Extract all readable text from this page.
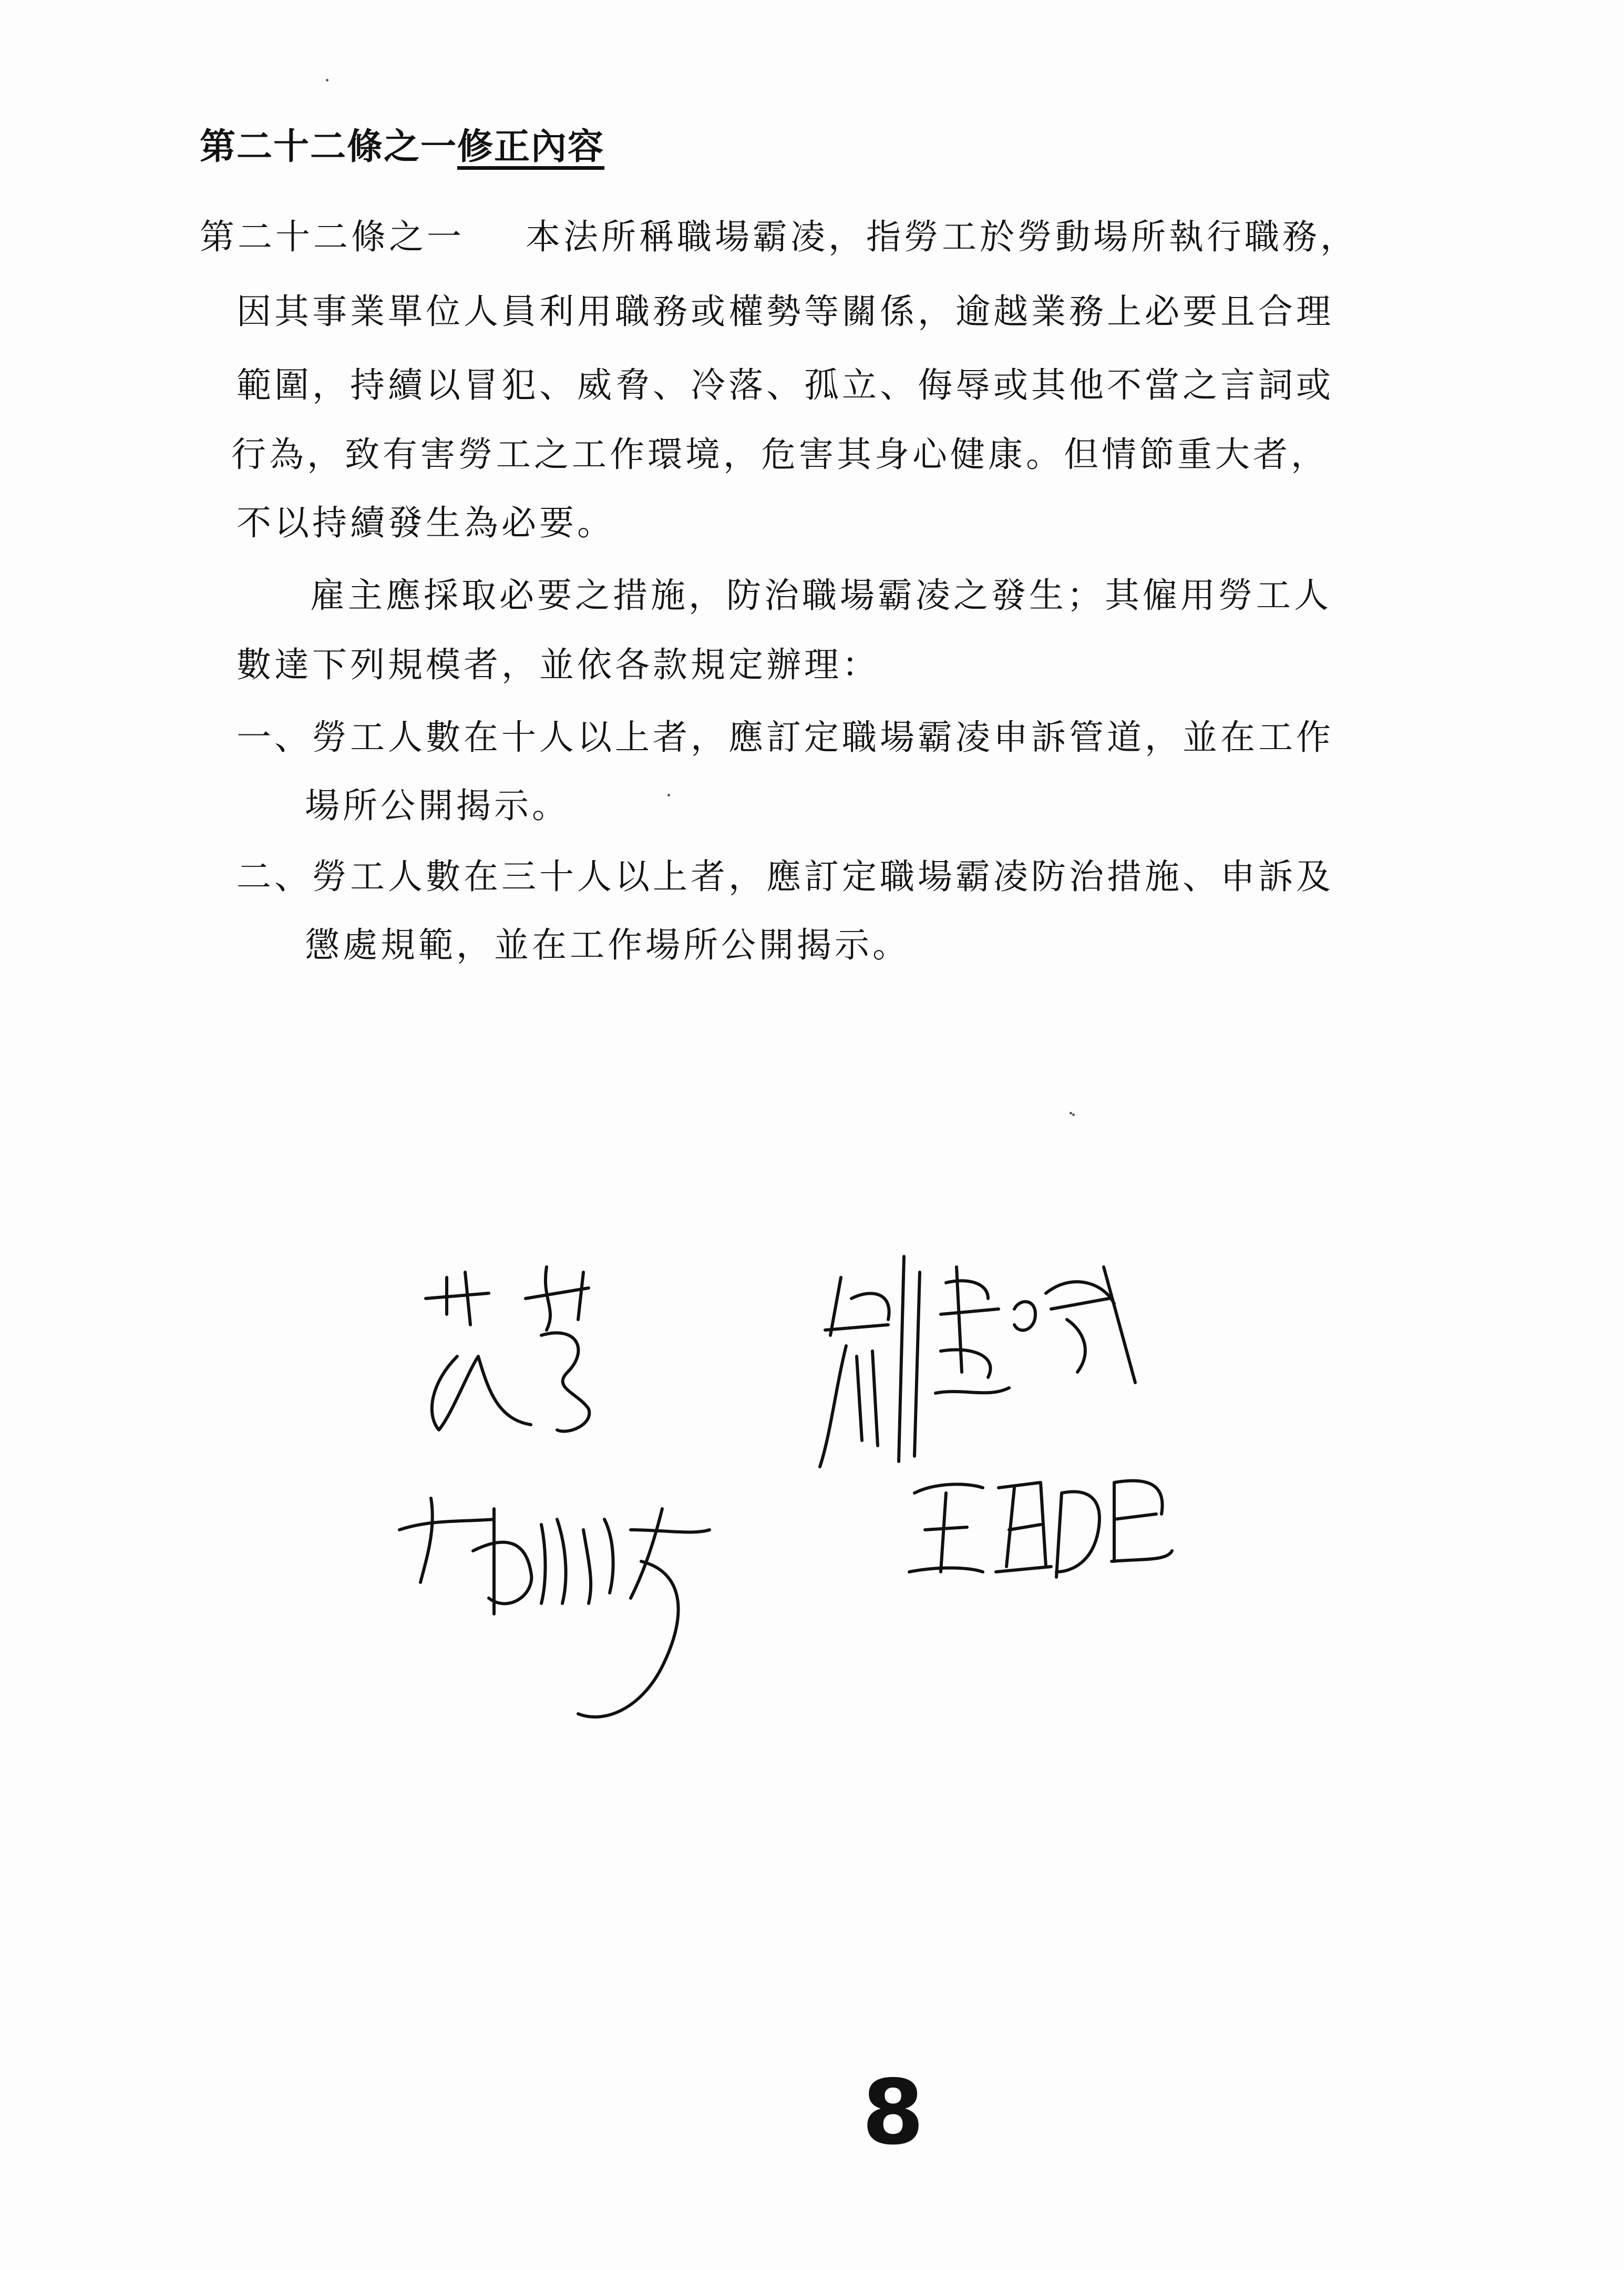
第二十二條之一修正內容
第二十二條之一 本法所稱職場霸凌，指勞工於勞動場所執行職務，
因其事業單位人員利用職務或權勢等關係，逾越業務上必要且合理
範圍，持續以冒犯、威脅、冷落、孤立、侮辱或其他不當之言詞或
行為，致有害勞工之工作環境，危害其身心健康。但情節重大者，
不以持續發生為必要。
雇主應採取必要之措施，防治職場霸凌之發生；其僱用勞工人
數達下列規模者，並依各款規定辦理：
一、勞工人數在十人以上者，應訂定職場霸凌申訴管道，並在工作
場所公開揭示。
二、勞工人數在三十人以上者，應訂定職場霸凌防治措施、申訴及
懲處規範，並在工作場所公開揭示。
8
